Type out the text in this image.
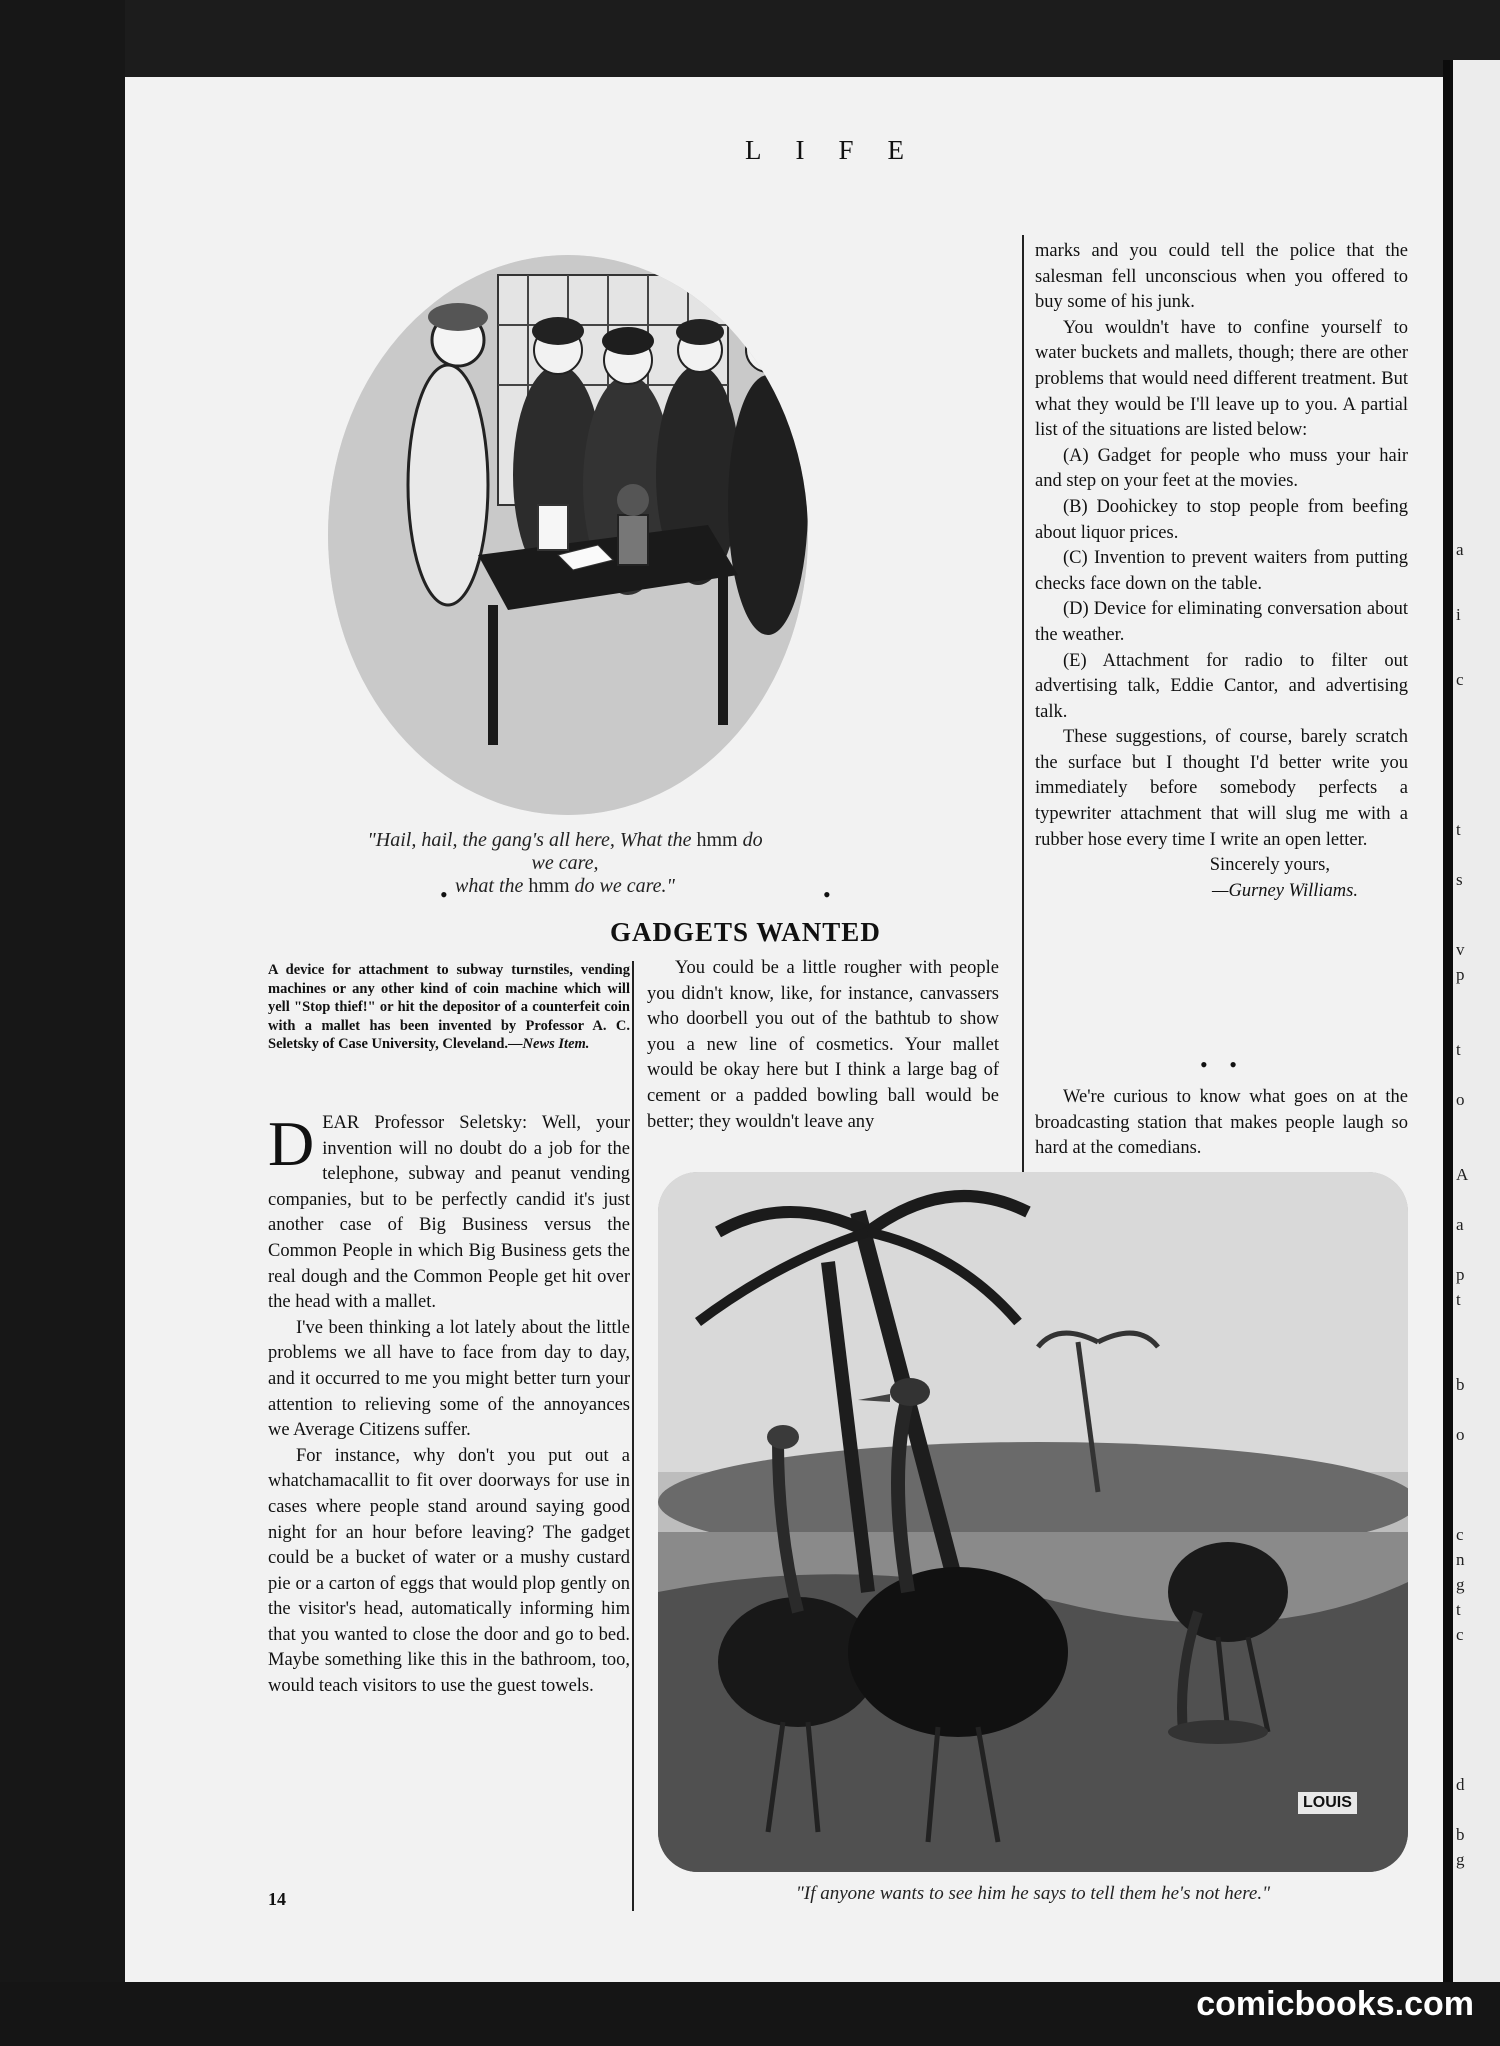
LIFE
"Hail, hail, the gang's all here, What the hmm do we care,
what the hmm do we care."
•	•
GADGETS WANTED
A device for attachment to subway turnstiles, vending machines or any other kind of coin machine which will yell "Stop thief!" or hit the depositor of a counterfeit coin with a mallet has been invented by Professor A. C. Seletsky of Case University, Cleveland.—News Item.
D EAR Professor Seletsky: Well, your invention will no doubt do a job for the telephone, subway and peanut vending companies, but to be perfectly candid it's just another case of Big Business versus the Common People in which Big Business gets the real dough and the Common People get hit over the head with a mallet.

I've been thinking a lot lately about the little problems we all have to face from day to day, and it occurred to me you might better turn your attention to relieving some of the annoyances we Average Citizens suffer.

For instance, why don't you put out a whatchamacallit to fit over doorways for use in cases where people stand around saying good night for an hour before leaving? The gadget could be a bucket of water or a mushy custard pie or a carton of eggs that would plop gently on the visitor's head, automatically informing him that you wanted to close the door and go to bed. Maybe something like this in the bathroom, too, would teach visitors to use the guest towels.

You could be a little rougher with people you didn't know, like, for instance, canvassers who doorbell you out of the bathtub to show you a new line of cosmetics. Your mallet would be okay here but I think a large bag of cement or a padded bowling ball would be better; they wouldn't leave any

marks and you could tell the police that the salesman fell unconscious when you offered to buy some of his junk.

You wouldn't have to confine yourself to water buckets and mallets, though; there are other problems that would need different treatment. But what they would be I'll leave up to you. A partial list of the situations are listed below:

(A) Gadget for people who muss your hair and step on your feet at the movies.

(B) Doohickey to stop people from beefing about liquor prices.

(C) Invention to prevent waiters from putting checks face down on the table.

(D) Device for eliminating conversation about the weather.

(E) Attachment for radio to filter out advertising talk, Eddie Cantor, and advertising talk.

These suggestions, of course, barely scratch the surface but I thought I'd better write you immediately before somebody perfects a typewriter attachment that will slug me with a rubber hose every time I write an open letter.

Sincerely yours,
—Gurney Williams.
• •

We're curious to know what goes on at the broadcasting station that makes people laugh so hard at the comedians.

LOUIS
"If anyone wants to see him he says to tell them he's not here."
14
a
i
c
t
s
v
p
t
o
A
a
p
t
b
o
c
n
g
t
c
d
b
g
comicbooks.com
